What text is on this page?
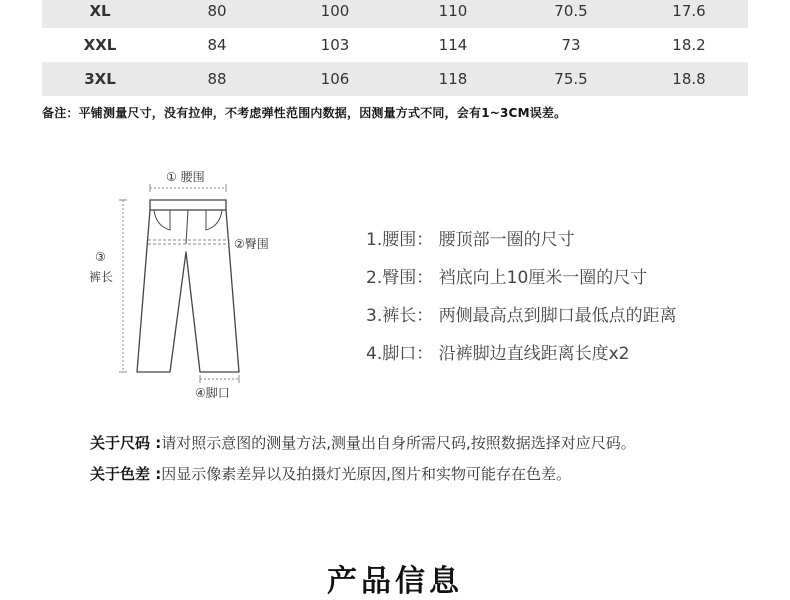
XL	80	100	110	70.5	17.6
XXL	84	103	114	73	18.2
3XL	88	106	118	75.5	18.8
备注：平铺测量尺寸，没有拉伸，不考虑弹性范围内数据，因测量方式不同，会有1~3CM误差。
① 腰围
②臀围
③
裤长
④脚口
1.腰围： 腰顶部一圈的尺寸
2.臀围： 裆底向上10厘米一圈的尺寸
3.裤长： 两侧最高点到脚口最低点的距离
4.脚口： 沿裤脚边直线距离长度x2
关于尺码 :请对照示意图的测量方法,测量出自身所需尺码,按照数据选择对应尺码。
关于色差 :因显示像素差异以及拍摄灯光原因,图片和实物可能存在色差。
产品信息
